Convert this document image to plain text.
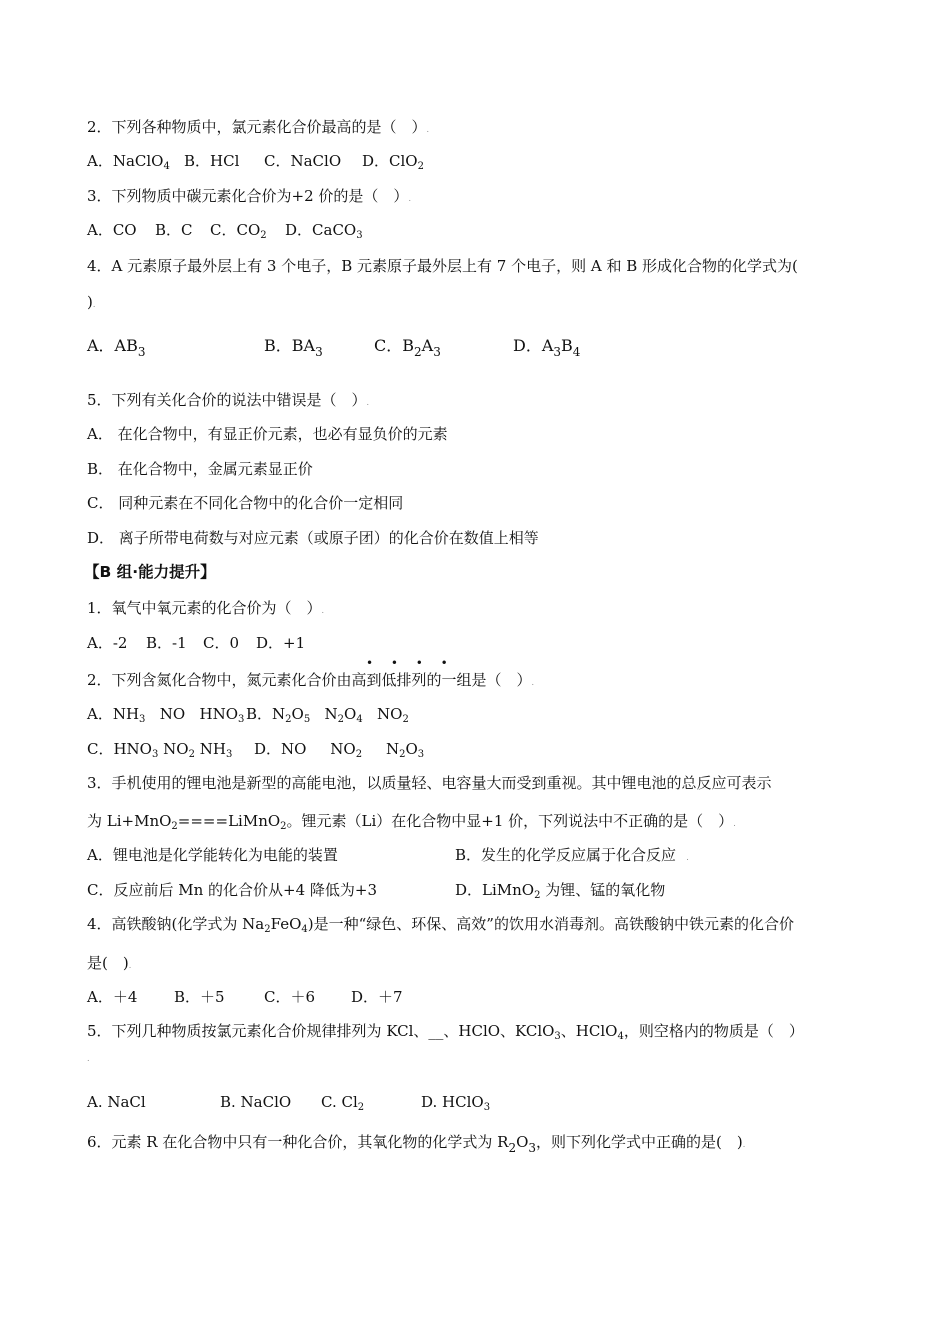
2．下列各种物质中，氯元素化合价最高的是（　）.
A．NaClO$_4$ B．HCl C．NaClO D．ClO$_2$
3．下列物质中碳元素化合价为+2 价的是（　）.
A．CO B．C C．$CO_2$ D．CaCO$_3$
4．A 元素原子最外层上有 3 个电子，B 元素原子最外层上有 7 个电子，则 A 和 B 形成化合物的化学式为(
).
A．$AB_3$	B．$BA_3$	C．$B_2A_3$	D．$A_3B_4$
5．下列有关化合价的说法中错误是（　）.
A． 在化合物中，有显正价元素，也必有显负价的元素
B． 在化合物中，金属元素显正价
C． 同种元素在不同化合物中的化合价一定相同
D． 离子所带电荷数与对应元素（或原子团）的化合价在数值上相等
【B 组·能力提升】
1．氧气中氧元素的化合价为（　）.
A．-2 B．-1 C．0 D．+1
• • • •
2．下列含氮化合物中，氮元素化合价由高到低排列的一组是（　）.
A．$NH_3$ NO $HNO_3$ B．$N_2O_5$ $N_2O_4$ $NO_2$
C．$HNO_3$ $NO_2$ $NH_3$ D．NO $NO_2$ $N_2O_3$
3．手机使用的锂电池是新型的高能电池，以质量轻、电容量大而受到重视。其中锂电池的总反应可表示
为 Li+MnO$_2$====LiMnO$_2$。锂元素（Li）在化合物中显+1 价，下列说法中不正确的是（　）.
A．锂电池是化学能转化为电能的装置	B．发生的化学反应属于化合反应    .
C．反应前后 Mn 的化合价从+4 降低为+3	D．LiMnO$_2$ 为锂、锰的氧化物
4．高铁酸钠(化学式为 $Na_2FeO_4$)是一种“绿色、环保、高效”的饮用水消毒剂。高铁酸钠中铁元素的化合价
是(　).
A．＋4 B．＋5	C．＋6 D．＋7
5．下列几种物质按氯元素化合价规律排列为 KCl、__、HClO、KClO$_3$、HClO$_4$，则空格内的物质是（　）
.
A. NaCl	B. NaClO C. $Cl_2$	D. HClO$_3$
6．元素 R 在化合物中只有一种化合价，其氧化物的化学式为 $R_2O_3$，则下列化学式中正确的是(　).
